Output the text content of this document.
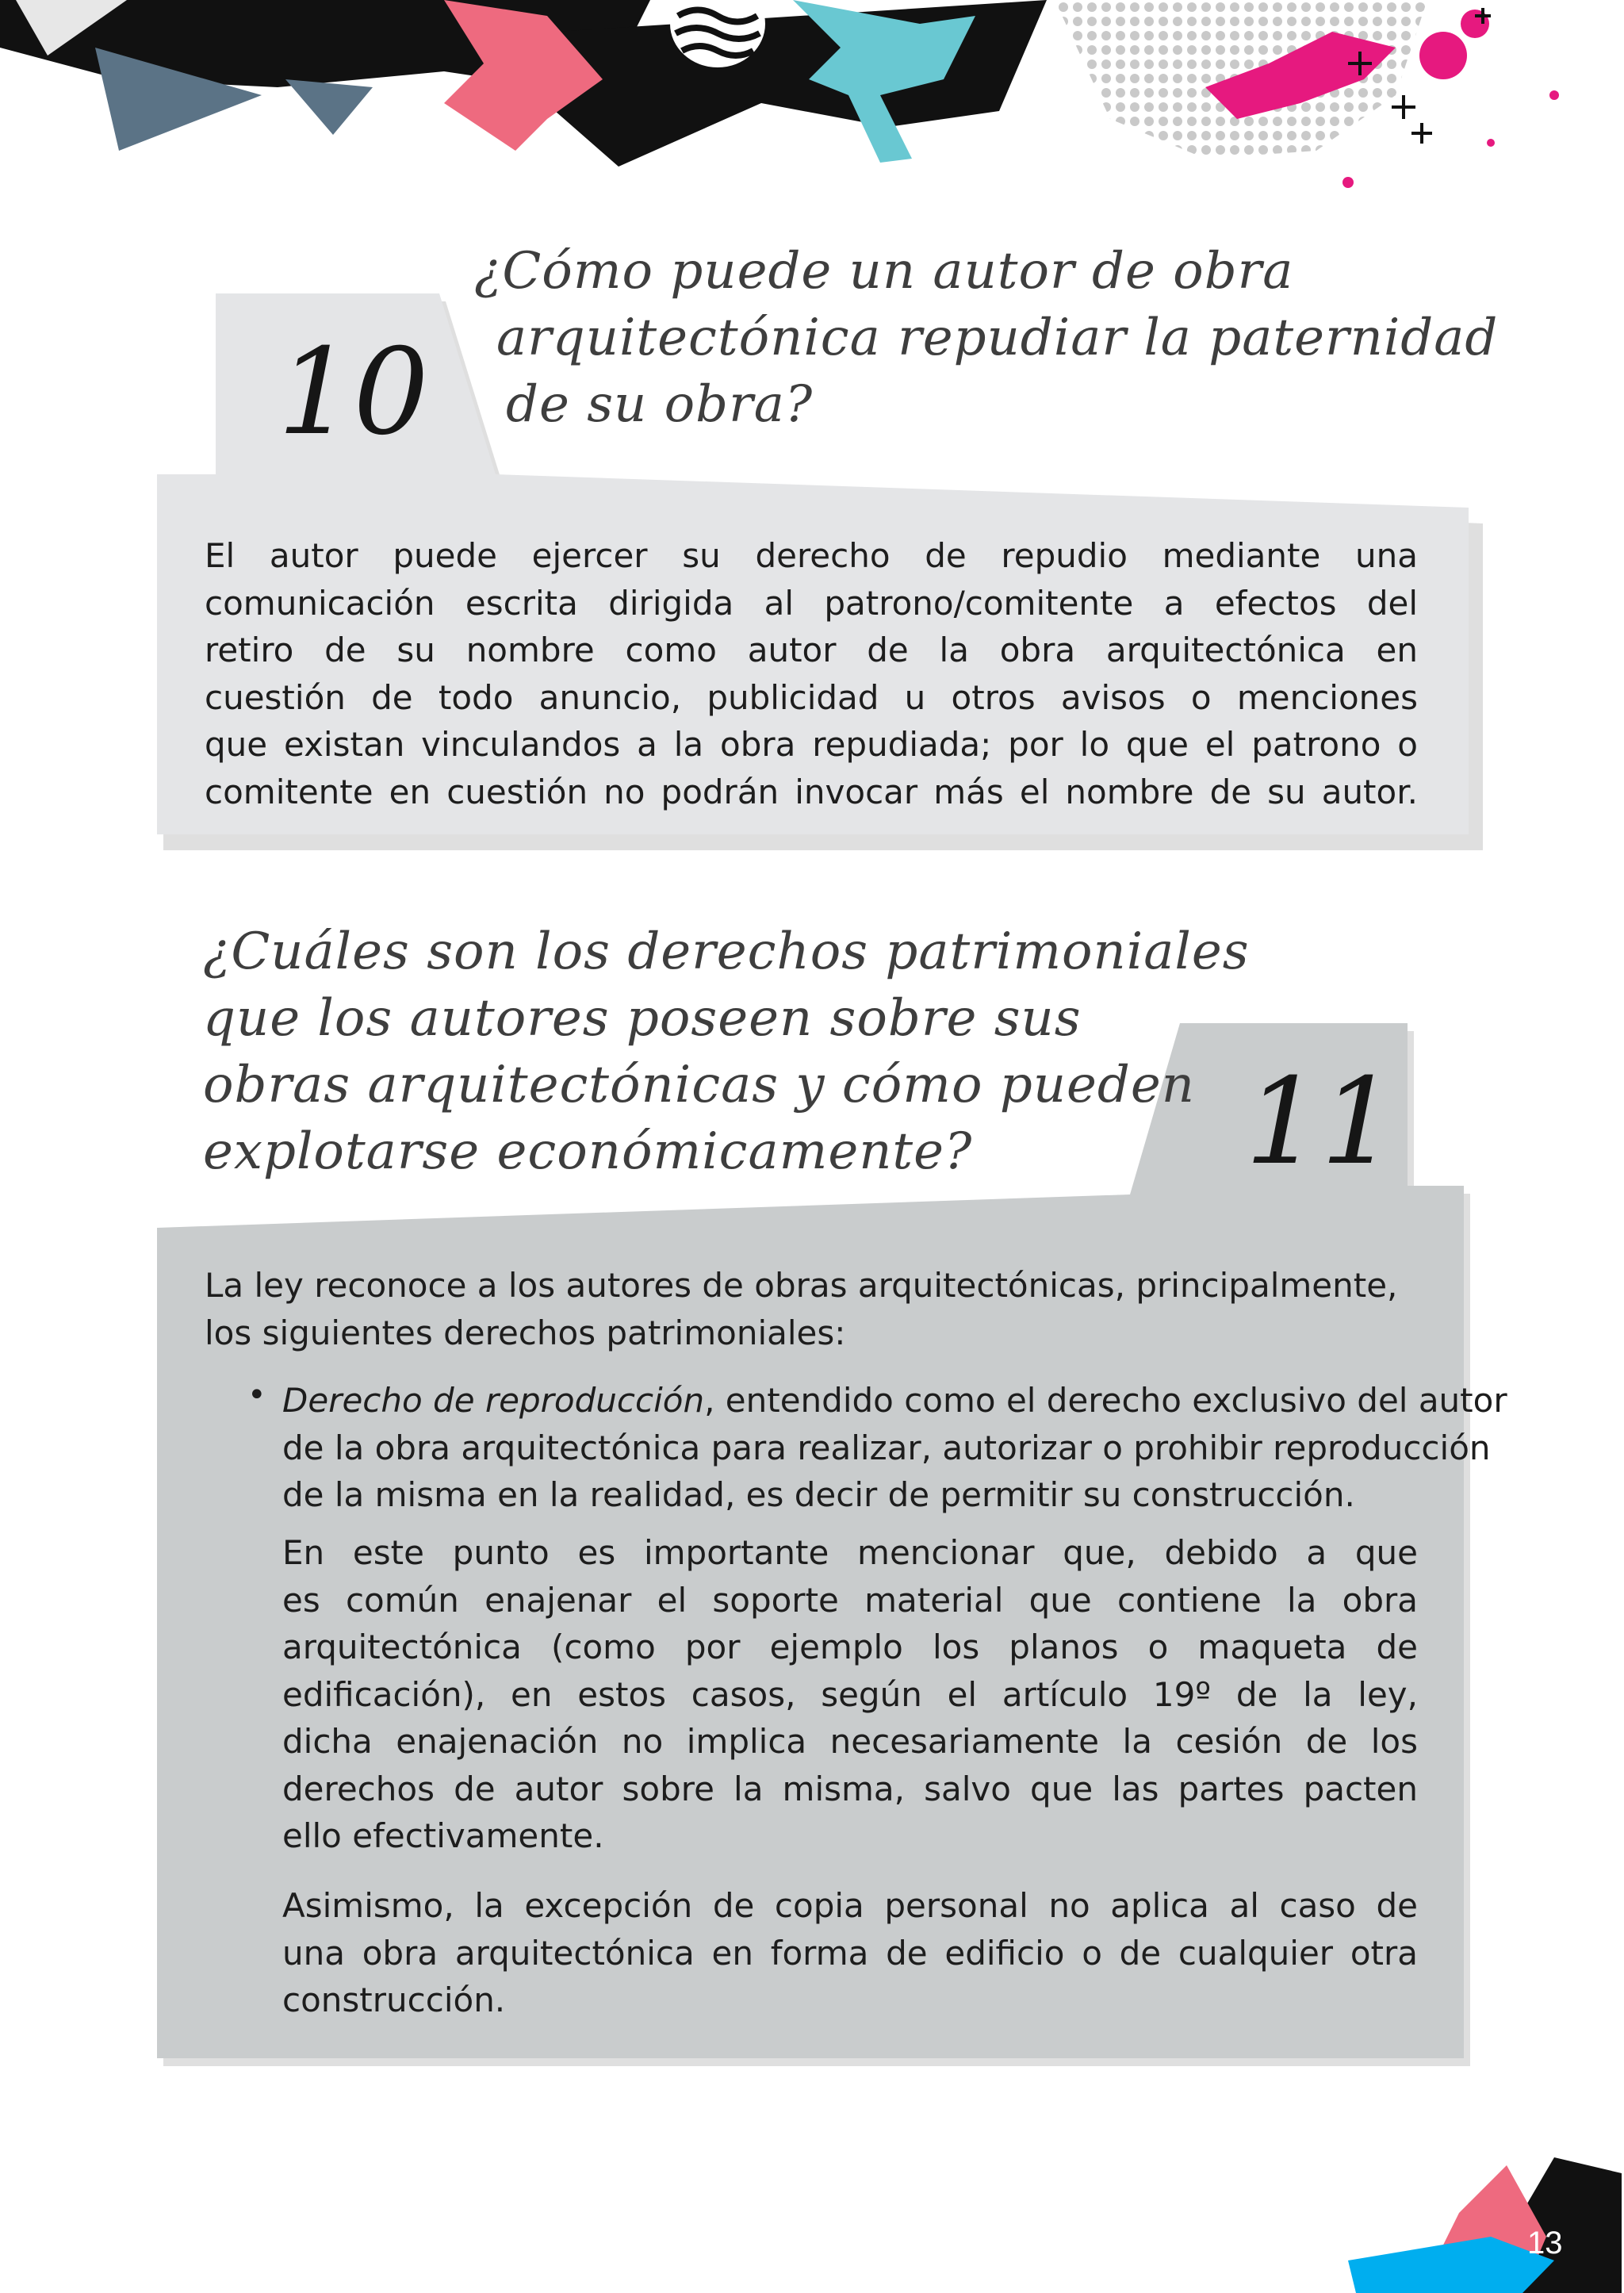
10
¿Cómo puede un autor de obra
arquitectónica repudiar la paternidad
de su obra?
El autor puede ejercer su derecho de repudio mediante una
comunicación escrita dirigida al patrono/comitente a efectos del
retiro de su nombre como autor de la obra arquitectónica en
cuestión de todo anuncio, publicidad u otros avisos o menciones
que existan vinculandos a la obra repudiada; por lo que el patrono o
comitente en cuestión no podrán invocar más el nombre de su autor.
11
¿Cuáles son los derechos patrimoniales
que los autores poseen sobre sus
obras arquitectónicas y cómo pueden
explotarse económicamente?
La ley reconoce a los autores de obras arquitectónicas, principalmente,
los siguientes derechos patrimoniales:
• Derecho de reproducción, entendido como el derecho exclusivo del autor
de la obra arquitectónica para realizar, autorizar o prohibir reproducción
de la misma en la realidad, es decir de permitir su construcción.
En este punto es importante mencionar que, debido a que
es común enajenar el soporte material que contiene la obra
arquitectónica (como por ejemplo los planos o maqueta de
edificación), en estos casos, según el artículo 19º de la ley,
dicha enajenación no implica necesariamente la cesión de los
derechos de autor sobre la misma, salvo que las partes pacten
ello efectivamente.
Asimismo, la excepción de copia personal no aplica al caso de
una obra arquitectónica en forma de edificio o de cualquier otra
construcción.
13
